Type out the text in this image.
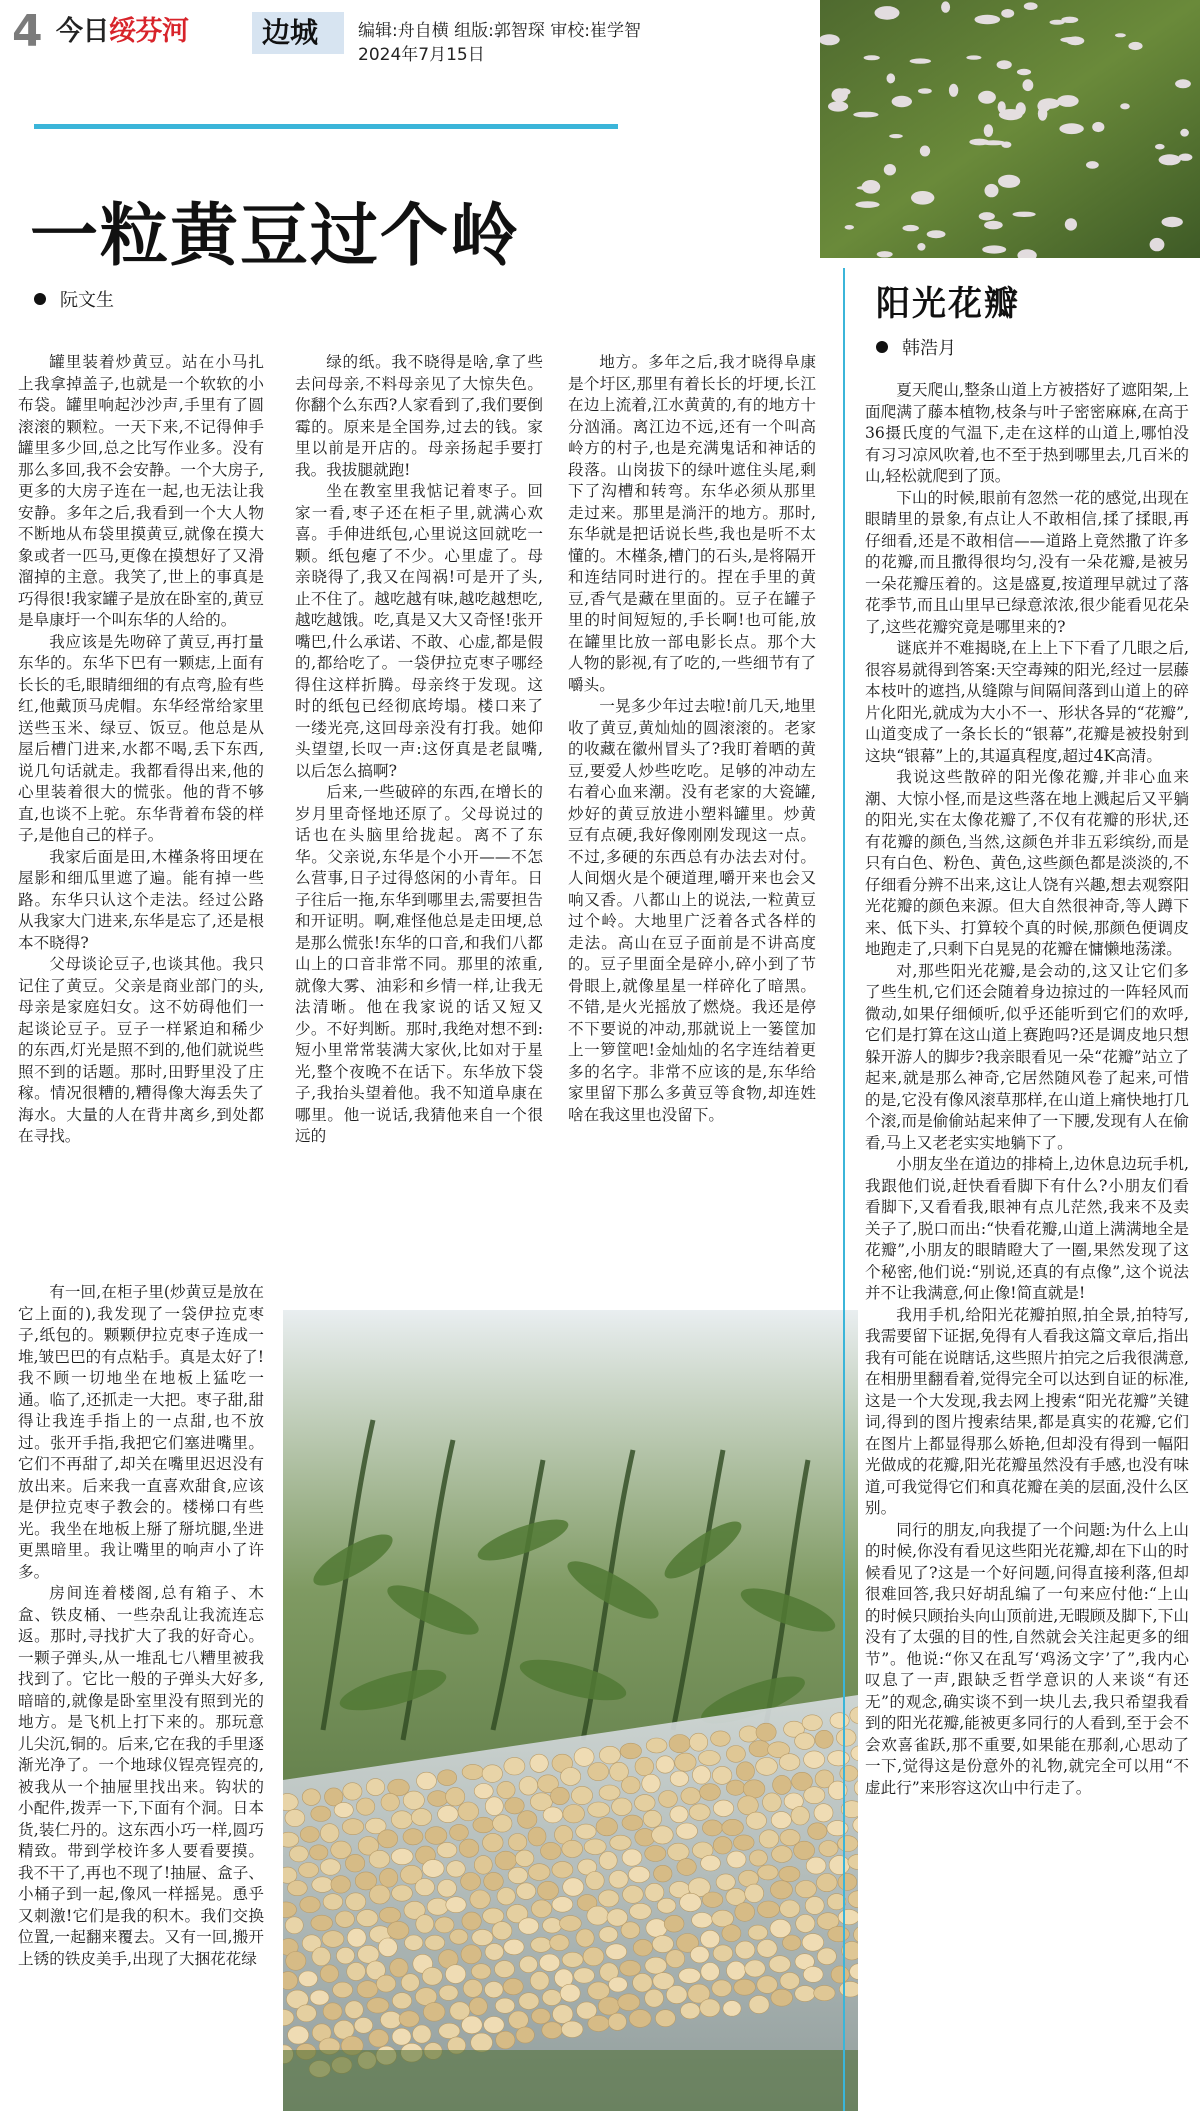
4 今日绥芬河	边城 编辑:舟自横 组版:郭智琛 审校:崔学智
2024年7月15日
一粒黄豆过个岭
阮文生

罐里装着炒黄豆。站在小马扎上我拿掉盖子,也就是一个软软的小布袋。罐里响起沙沙声,手里有了圆滚滚的颗粒。一天下来,不记得伸手罐里多少回,总之比写作业多。没有那么多回,我不会安静。一个大房子,更多的大房子连在一起,也无法让我安静。多年之后,我看到一个大人物不断地从布袋里摸黄豆,就像在摸大象或者一匹马,更像在摸想好了又滑溜掉的主意。我笑了,世上的事真是巧得很!我家罐子是放在卧室的,黄豆是阜康圩一个叫东华的人给的。

我应该是先吻碎了黄豆,再打量东华的。东华下巴有一颗痣,上面有长长的毛,眼睛细细的有点弯,脸有些红,他戴顶马虎帽。东华经常给家里送些玉米、绿豆、饭豆。他总是从屋后槽门进来,水都不喝,丢下东西,说几句话就走。我都看得出来,他的心里装着很大的慌张。他的背不够直,也谈不上驼。东华背着布袋的样子,是他自己的样子。

我家后面是田,木槿条将田埂在屋影和细瓜里遮了遍。能有掉一些路。东华只认这个走法。经过公路从我家大门进来,东华是忘了,还是根本不晓得?

父母谈论豆子,也谈其他。我只记住了黄豆。父亲是商业部门的头,母亲是家庭妇女。这不妨碍他们一起谈论豆子。豆子一样紧迫和稀少的东西,灯光是照不到的,他们就说些照不到的话题。那时,田野里没了庄稼。情况很糟的,糟得像大海丢失了海水。大量的人在背井离乡,到处都在寻找。

有一回,在柜子里(炒黄豆是放在它上面的),我发现了一袋伊拉克枣子,纸包的。颗颗伊拉克枣子连成一堆,皱巴巴的有点粘手。真是太好了!我不顾一切地坐在地板上猛吃一通。临了,还抓走一大把。枣子甜,甜得让我连手指上的一点甜,也不放过。张开手指,我把它们塞进嘴里。它们不再甜了,却关在嘴里迟迟没有放出来。后来我一直喜欢甜食,应该是伊拉克枣子教会的。楼梯口有些光。我坐在地板上掰了掰坑腿,坐进更黑暗里。我让嘴里的响声小了许多。

房间连着楼阁,总有箱子、木盒、铁皮桶、一些杂乱让我流连忘返。那时,寻找扩大了我的好奇心。一颗子弹头,从一堆乱七八糟里被我找到了。它比一般的子弹头大好多,暗暗的,就像是卧室里没有照到光的地方。是飞机上打下来的。那玩意儿尖沉,铜的。后来,它在我的手里逐渐光净了。一个地球仪锃亮锃亮的,被我从一个抽屉里找出来。钩状的小配件,拨弄一下,下面有个洞。日本货,装仁丹的。这东西小巧一样,圆巧精致。带到学校许多人要看要摸。我不干了,再也不现了!抽屉、盒子、小桶子到一起,像风一样摇晃。恿乎又刺激!它们是我的积木。我们交换位置,一起翻来覆去。又有一回,搬开上锈的铁皮美手,出现了大捆花花绿

绿的纸。我不晓得是啥,拿了些去问母亲,不料母亲见了大惊失色。你翻个么东西?人家看到了,我们要倒霉的。原来是全国券,过去的钱。家里以前是开店的。母亲扬起手要打我。我拔腿就跑!

坐在教室里我惦记着枣子。回家一看,枣子还在柜子里,就满心欢喜。手伸进纸包,心里说这回就吃一颗。纸包瘪了不少。心里虚了。母亲晓得了,我又在闯祸!可是开了头,止不住了。越吃越有味,越吃越想吃,越吃越饿。吃,真是又大又奇怪!张开嘴巴,什么承诺、不敢、心虚,都是假的,都给吃了。一袋伊拉克枣子哪经得住这样折腾。母亲终于发现。这时的纸包已经彻底垮塌。楼口来了一缕光亮,这回母亲没有打我。她仰头望望,长叹一声:这伢真是老鼠嘴,以后怎么搞啊?

后来,一些破碎的东西,在增长的岁月里奇怪地还原了。父母说过的话也在头脑里给拢起。离不了东华。父亲说,东华是个小开——不怎么营事,日子过得悠闲的小青年。日子往后一拖,东华到哪里去,需要担告和开证明。啊,难怪他总是走田埂,总是那么慌张!东华的口音,和我们八都山上的口音非常不同。那里的浓重,就像大雾、油彩和乡情一样,让我无法清晰。他在我家说的话又短又少。不好判断。那时,我绝对想不到:短小里常常装满大家伙,比如对于星光,整个夜晚不在话下。东华放下袋子,我抬头望着他。我不知道阜康在哪里。他一说话,我猜他来自一个很远的

地方。多年之后,我才晓得阜康是个圩区,那里有着长长的圩埂,长江在边上流着,江水黄黄的,有的地方十分汹涌。离江边不远,还有一个叫高岭方的村子,也是充满鬼话和神话的段落。山岗拔下的绿叶遮住头尾,剩下了沟槽和转弯。东华必须从那里走过来。那里是淌汗的地方。那时,东华就是把话说长些,我也是听不太懂的。木槿条,槽门的石头,是将隔开和连结同时进行的。捏在手里的黄豆,香气是藏在里面的。豆子在罐子里的时间短短的,手长啊!也可能,放在罐里比放一部电影长点。那个大人物的影视,有了吃的,一些细节有了嚼头。

一晃多少年过去啦!前几天,地里收了黄豆,黄灿灿的圆滚滚的。老家的收藏在徽州冒头了?我盯着晒的黄豆,要爱人炒些吃吃。足够的冲动左右着心血来潮。没有老家的大瓷罐,炒好的黄豆放进小塑料罐里。炒黄豆有点硬,我好像刚刚发现这一点。不过,多硬的东西总有办法去对付。人间烟火是个硬道理,嚼开来也会又响又香。八都山上的说法,一粒黄豆过个岭。大地里广泛着各式各样的走法。高山在豆子面前是不讲高度的。豆子里面全是碎小,碎小到了节骨眼上,就像星星一样碎化了暗黑。不错,是火光摇放了燃烧。我还是停不下要说的冲动,那就说上一篓筐加上一箩筐吧!金灿灿的名字连结着更多的名字。非常不应该的是,东华给家里留下那么多黄豆等食物,却连姓啥在我这里也没留下。

阳光花瓣
韩浩月

夏天爬山,整条山道上方被搭好了遮阳架,上面爬满了藤本植物,枝条与叶子密密麻麻,在高于36摄氏度的气温下,走在这样的山道上,哪怕没有习习凉风吹着,也不至于热到哪里去,几百米的山,轻松就爬到了顶。

下山的时候,眼前有忽然一花的感觉,出现在眼睛里的景象,有点让人不敢相信,揉了揉眼,再仔细看,还是不敢相信——道路上竟然撒了许多的花瓣,而且撒得很均匀,没有一朵花瓣,是被另一朵花瓣压着的。这是盛夏,按道理早就过了落花季节,而且山里早已绿意浓浓,很少能看见花朵了,这些花瓣究竟是哪里来的?

谜底并不难揭晓,在上上下下看了几眼之后,很容易就得到答案:天空毒辣的阳光,经过一层藤本枝叶的遮挡,从缝隙与间隔间落到山道上的碎片化阳光,就成为大小不一、形状各异的“花瓣”,山道变成了一条长长的“银幕”,花瓣是被投射到这块“银幕”上的,其逼真程度,超过4K高清。

我说这些散碎的阳光像花瓣,并非心血来潮、大惊小怪,而是这些落在地上溅起后又平躺的阳光,实在太像花瓣了,不仅有花瓣的形状,还有花瓣的颜色,当然,这颜色并非五彩缤纷,而是只有白色、粉色、黄色,这些颜色都是淡淡的,不仔细看分辨不出来,这让人饶有兴趣,想去观察阳光花瓣的颜色来源。但大自然很神奇,等人蹲下来、低下头、打算较个真的时候,那颜色便调皮地跑走了,只剩下白晃晃的花瓣在慵懒地荡漾。

对,那些阳光花瓣,是会动的,这又让它们多了些生机,它们还会随着身边掠过的一阵轻风而微动,如果仔细倾听,似乎还能听到它们的欢呼,它们是打算在这山道上赛跑吗?还是调皮地只想躲开游人的脚步?我亲眼看见一朵“花瓣”站立了起来,就是那么神奇,它居然随风卷了起来,可惜的是,它没有像风滚草那样,在山道上痛快地打几个滚,而是偷偷站起来伸了一下腰,发现有人在偷看,马上又老老实实地躺下了。

小朋友坐在道边的排椅上,边休息边玩手机,我跟他们说,赶快看看脚下有什么?小朋友们看看脚下,又看看我,眼神有点儿茫然,我来不及卖关子了,脱口而出:“快看花瓣,山道上满满地全是花瓣”,小朋友的眼睛瞪大了一圈,果然发现了这个秘密,他们说:“别说,还真的有点像”,这个说法并不让我满意,何止像!简直就是!

我用手机,给阳光花瓣拍照,拍全景,拍特写,我需要留下证据,免得有人看我这篇文章后,指出我有可能在说瞎话,这些照片拍完之后我很满意,在相册里翻看着,觉得完全可以达到自证的标准,这是一个大发现,我去网上搜索“阳光花瓣”关键词,得到的图片搜索结果,都是真实的花瓣,它们在图片上都显得那么娇艳,但却没有得到一幅阳光做成的花瓣,阳光花瓣虽然没有手感,也没有味道,可我觉得它们和真花瓣在美的层面,没什么区别。

同行的朋友,向我提了一个问题:为什么上山的时候,你没有看见这些阳光花瓣,却在下山的时候看见了?这是一个好问题,问得直接利落,但却很难回答,我只好胡乱编了一句来应付他:“上山的时候只顾抬头向山顶前进,无暇顾及脚下,下山没有了太强的目的性,自然就会关注起更多的细节”。他说:“你又在乱写‘鸡汤文字’了”,我内心叹息了一声,跟缺乏哲学意识的人来谈“有还无”的观念,确实谈不到一块儿去,我只希望我看到的阳光花瓣,能被更多同行的人看到,至于会不会欢喜雀跃,那不重要,如果能在那刹,心思动了一下,觉得这是份意外的礼物,就完全可以用“不虚此行”来形容这次山中行走了。
